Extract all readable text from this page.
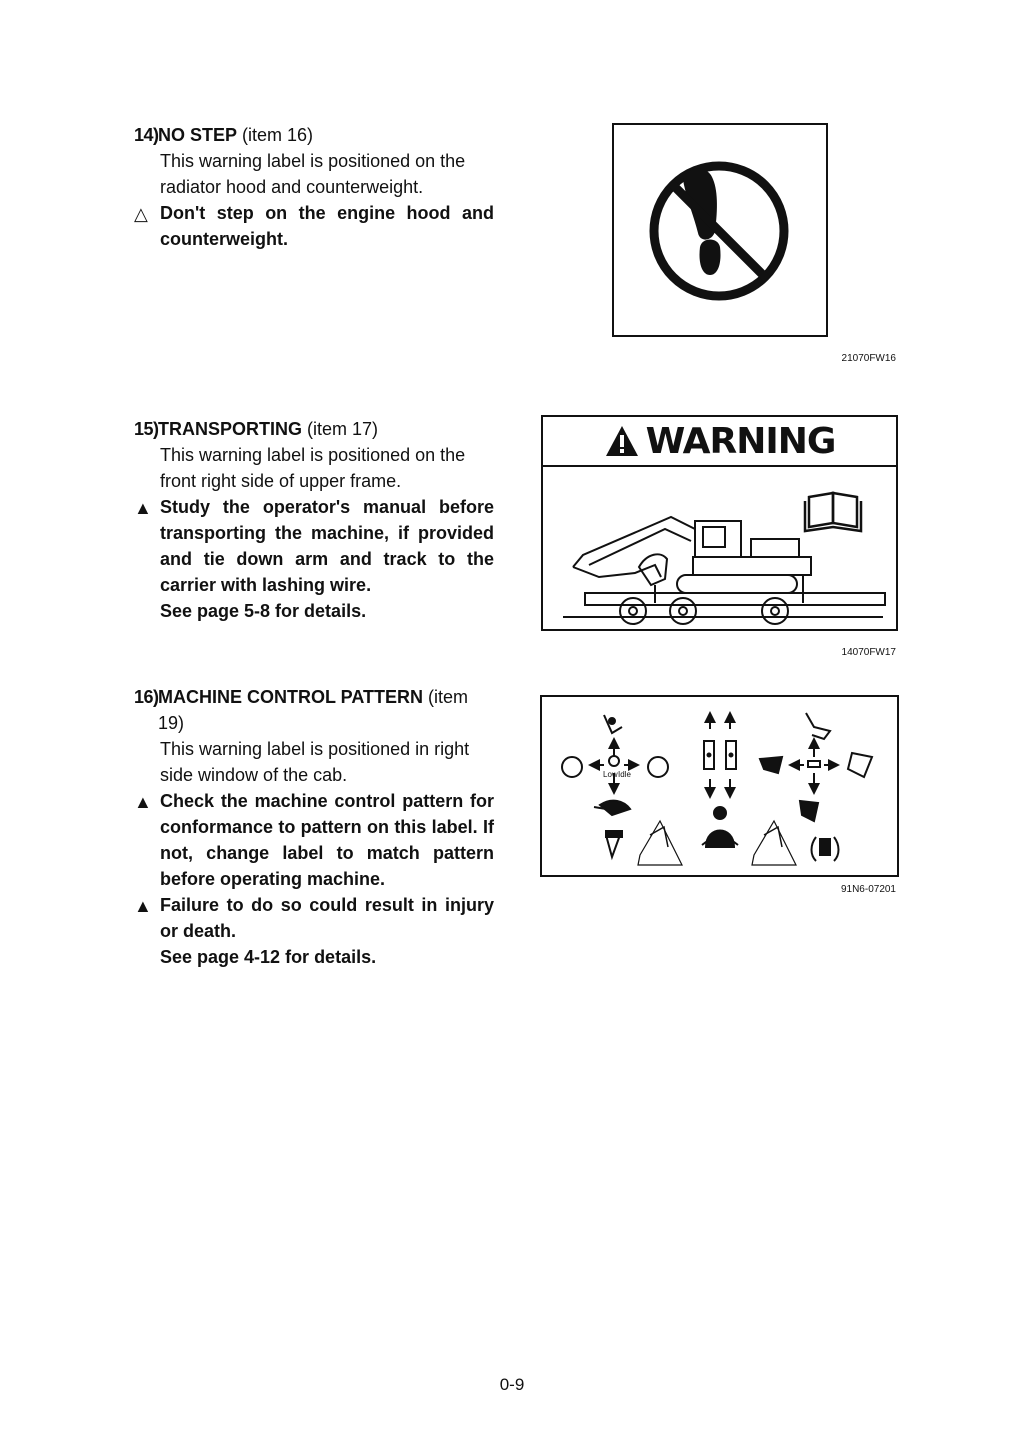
14) NO STEP (item 16)
This warning label is positioned on the radiator hood and counterweight.
△ Don't step on the engine hood and counterweight.
21070FW16
15) TRANSPORTING (item 17)
This warning label is positioned on the front right side of upper frame.
▲ Study the operator's manual before transporting the machine, if provided and tie down arm and track to the carrier with lashing wire.
See page 5-8 for details.
WARNING
14070FW17
16) MACHINE CONTROL PATTERN (item 19)
This warning label is positioned in right side window of the cab.
▲ Check the machine control pattern for conformance to pattern on this label. If not, change label to match pattern before operating machine.
▲ Failure to do so could result in injury or death.
See page 4-12 for details.
Low Idle
91N6-07201
0-9
